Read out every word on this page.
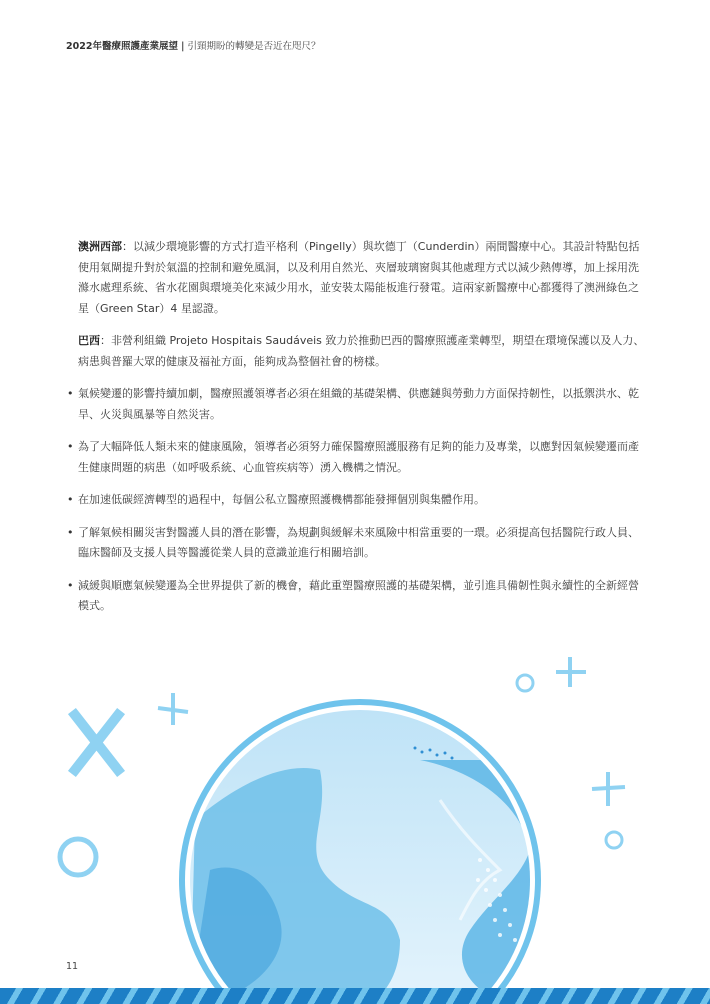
2022年醫療照護產業展望 | 引頸期盼的轉變是否近在咫尺？

澳洲西部：以減少環境影響的方式打造平格利（Pingelly）與坎德丁（Cunderdin）兩間醫療中心。其設計特點包括使用氣閘提升對於氣溫的控制和避免風洞，以及利用自然光、夾層玻璃窗與其他處理方式以減少熱傳導，加上採用洗滌水處理系統、省水花園與環境美化來減少用水，並安裝太陽能板進行發電。這兩家新醫療中心都獲得了澳洲綠色之星（Green Star）4 星認證。

巴西：非營利組織 Projeto Hospitais Saudáveis 致力於推動巴西的醫療照護產業轉型，期望在環境保護以及人力、病患與普羅大眾的健康及福祉方面，能夠成為整個社會的榜樣。

• 氣候變遷的影響持續加劇，醫療照護領導者必須在組織的基礎架構、供應鏈與勞動力方面保持韌性，以抵禦洪水、乾旱、火災與風暴等自然災害。
• 為了大幅降低人類未來的健康風險，領導者必須努力確保醫療照護服務有足夠的能力及專業，以應對因氣候變遷而產生健康問題的病患（如呼吸系統、心血管疾病等）湧入機構之情況。
• 在加速低碳經濟轉型的過程中，每個公私立醫療照護機構都能發揮個別與集體作用。
• 了解氣候相關災害對醫護人員的潛在影響，為規劃與緩解未來風險中相當重要的一環。必須提高包括醫院行政人員、臨床醫師及支援人員等醫護從業人員的意識並進行相關培訓。
• 減緩與順應氣候變遷為全世界提供了新的機會，藉此重塑醫療照護的基礎架構，並引進具備韌性與永續性的全新經營模式。
11
